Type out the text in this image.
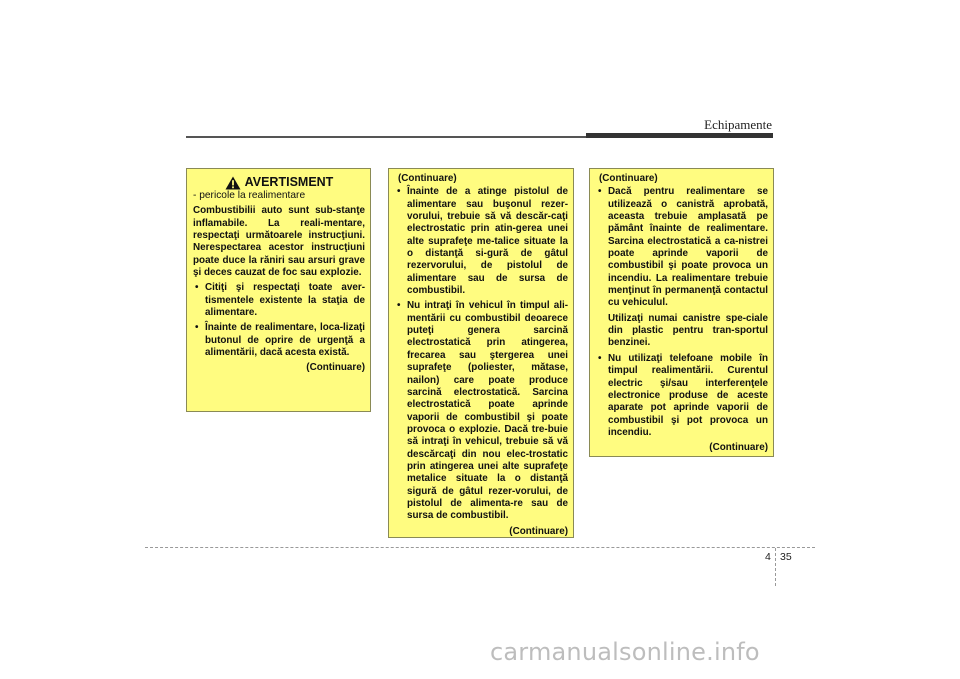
Echipamente
AVERTISMENT
- pericole la realimentare
Combustibilii auto sunt sub-stanţe inflamabile. La reali-mentare, respectaţi următoarele instrucţiuni. Nerespectarea acestor instrucţiuni poate duce la răniri sau arsuri grave şi deces cauzat de foc sau explozie.
• Citiţi şi respectaţi toate aver-tismentele existente la staţia de alimentare.
• Înainte de realimentare, loca-lizaţi butonul de oprire de urgenţă a alimentării, dacă acesta există.
(Continuare)
(Continuare)
• Înainte de a atinge pistolul de alimentare sau buşonul rezer-vorului, trebuie să vă descăr-caţi electrostatic prin atin-gerea unei alte suprafeţe me-talice situate la o distanţă si-gură de gâtul rezervorului, de pistolul de alimentare sau de sursa de combustibil.
• Nu intraţi în vehicul în timpul ali-mentării cu combustibil deoarece puteţi genera sarcină electrostatică prin atingerea, frecarea sau ştergerea unei suprafeţe (poliester, mătase, nailon) care poate produce sarcină electrostatică. Sarcina electrostatică poate aprinde vaporii de combustibil şi poate provoca o explozie. Dacă tre-buie să intraţi în vehicul, trebuie să vă descărcaţi din nou elec-trostatic prin atingerea unei alte suprafeţe metalice situate la o distanţă sigură de gâtul rezer-vorului, de pistolul de alimenta-re sau de sursa de combustibil.
(Continuare)
(Continuare)
• Dacă pentru realimentare se utilizează o canistră aprobată, aceasta trebuie amplasată pe pământ înainte de realimentare. Sarcina electrostatică a ca-nistrei poate aprinde vaporii de combustibil şi poate provoca un incendiu. La realimentare trebuie menţinut în permanenţă contactul cu vehiculul.
Utilizaţi numai canistre spe-ciale din plastic pentru tran-sportul benzinei.
• Nu utilizaţi telefoane mobile în timpul realimentării. Curentul electric şi/sau interferenţele electronice produse de aceste aparate pot aprinde vaporii de combustibil şi pot provoca un incendiu.
(Continuare)
4 35
carmanualsonline.info
